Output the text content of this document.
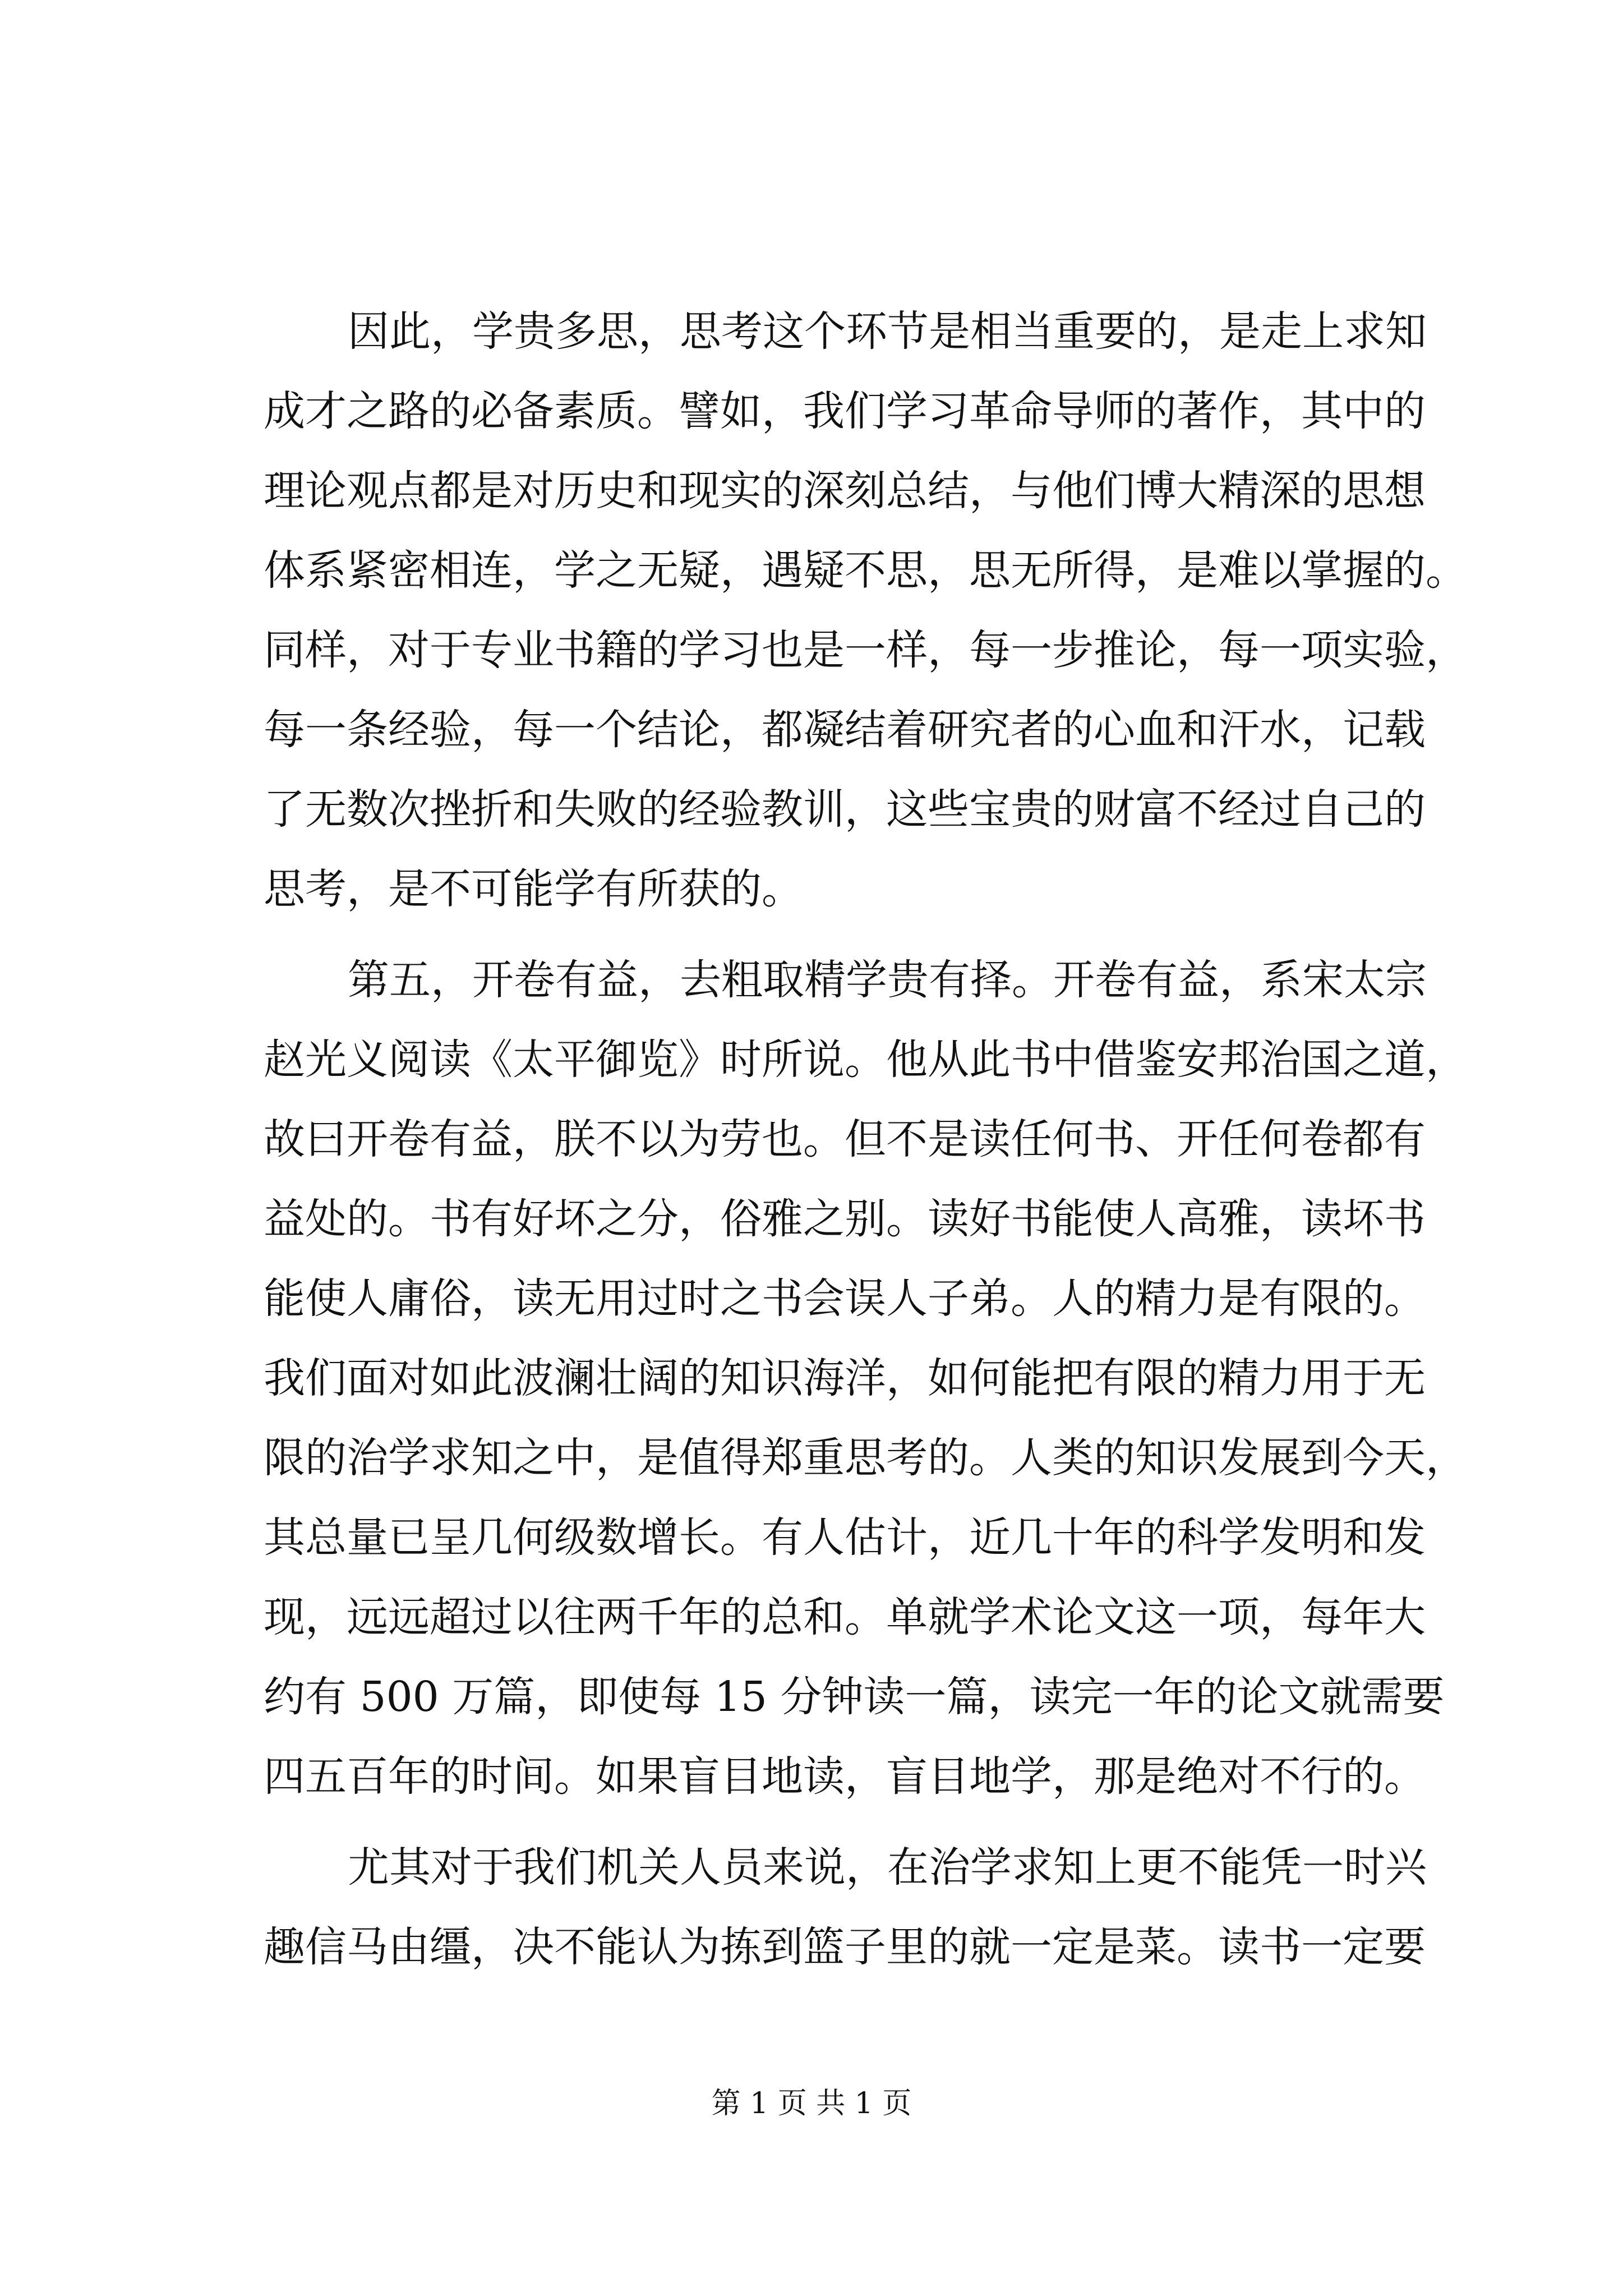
因此，学贵多思，思考这个环节是相当重要的，是走上求知
成才之路的必备素质。譬如，我们学习革命导师的著作，其中的
理论观点都是对历史和现实的深刻总结，与他们博大精深的思想
体系紧密相连，学之无疑，遇疑不思，思无所得，是难以掌握的。
同样，对于专业书籍的学习也是一样，每一步推论，每一项实验，
每一条经验，每一个结论，都凝结着研究者的心血和汗水，记载
了无数次挫折和失败的经验教训，这些宝贵的财富不经过自己的
思考，是不可能学有所获的。
第五，开卷有益，去粗取精学贵有择。开卷有益，系宋太宗
赵光义阅读《太平御览》时所说。他从此书中借鉴安邦治国之道，
故曰开卷有益，朕不以为劳也。但不是读任何书、开任何卷都有
益处的。书有好坏之分，俗雅之别。读好书能使人高雅，读坏书
能使人庸俗，读无用过时之书会误人子弟。人的精力是有限的。
我们面对如此波澜壮阔的知识海洋，如何能把有限的精力用于无
限的治学求知之中，是值得郑重思考的。人类的知识发展到今天，
其总量已呈几何级数增长。有人估计，近几十年的科学发明和发
现，远远超过以往两千年的总和。单就学术论文这一项，每年大
约有 500 万篇，即使每 15 分钟读一篇，读完一年的论文就需要
四五百年的时间。如果盲目地读，盲目地学，那是绝对不行的。
尤其对于我们机关人员来说，在治学求知上更不能凭一时兴
趣信马由缰，决不能认为拣到篮子里的就一定是菜。读书一定要
第 1 页 共 1 页
